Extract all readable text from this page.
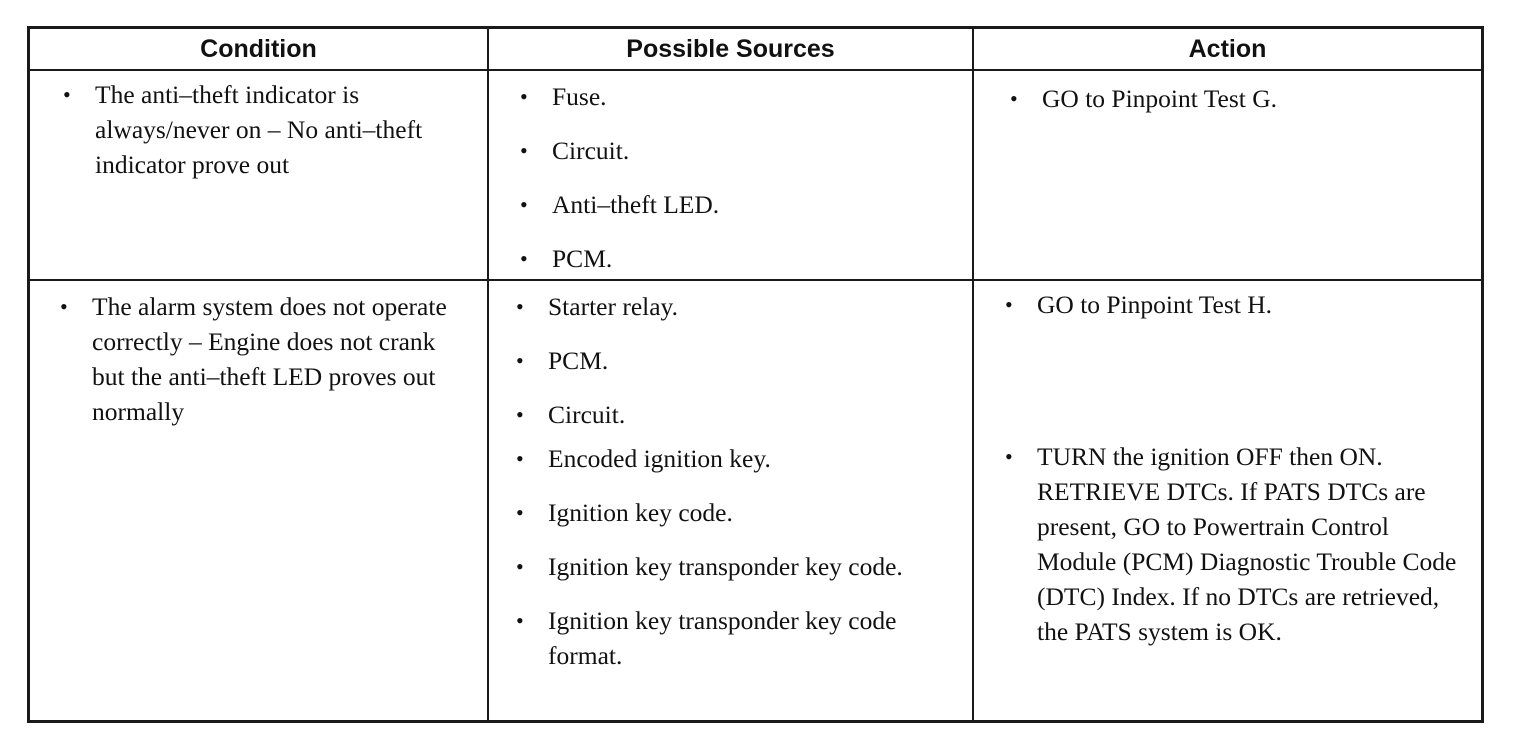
Condition	Possible Sources	Action
• The anti–theft indicator is always/never on – No anti–theft indicator prove out
• Fuse.
• Circuit.
• Anti–theft LED.
• PCM.
• GO to Pinpoint Test G.
• The alarm system does not operate correctly – Engine does not crank but the anti–theft LED proves out normally
• Starter relay.
• PCM.
• Circuit.
• Encoded ignition key.
• Ignition key code.
• Ignition key transponder key code.
• Ignition key transponder key code format.
• GO to Pinpoint Test H.
• TURN the ignition OFF then ON. RETRIEVE DTCs. If PATS DTCs are present, GO to Powertrain Control Module (PCM) Diagnostic Trouble Code (DTC) Index. If no DTCs are retrieved, the PATS system is OK.
